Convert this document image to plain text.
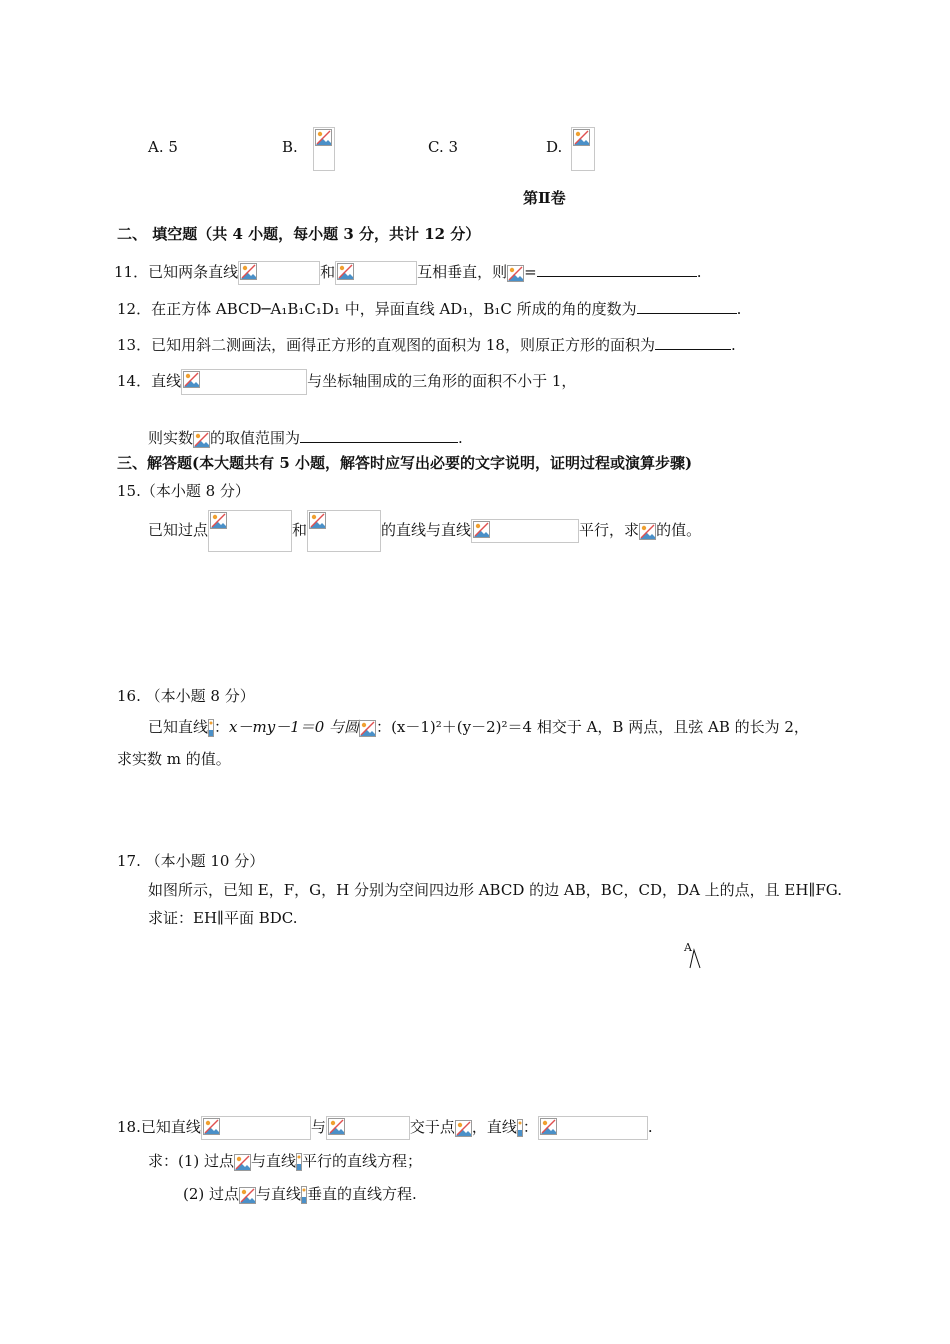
A. 5	B.	C. 3	D.
第Ⅱ卷
二、 填空题（共 4 小题，每小题 3 分，共计 12 分）
11．已知两条直线	和	互相垂直，则 =	.
12．在正方体 ABCD─A₁B₁C₁D₁ 中，异面直线 AD₁，B₁C 所成的角的度数为	.
13．已知用斜二测画法，画得正方形的直观图的面积为 18，则原正方形的面积为	.
14．直线	与坐标轴围成的三角形的面积不小于 1，
则实数 的取值范围为	.
三、解答题(本大题共有 5 小题，解答时应写出必要的文字说明，证明过程或演算步骤)
15.（本小题 8 分）
已知过点	和	的直线与直线	平行，求 的值。
16. （本小题 8 分）
已知直线 ：x－my－1＝0 与圆 ：(x－1)²＋(y－2)²＝4 相交于 A，B 两点，且弦 AB 的长为 2，
求实数 m 的值。
17. （本小题 10 分）
如图所示，已知 E，F，G，H 分别为空间四边形 ABCD 的边 AB，BC，CD，DA 上的点，且 EH∥FG.
求证：EH∥平面 BDC.
A
18.已知直线	与	交于点 ，直线 ：	.
求：(1) 过点 与直线 平行的直线方程；
(2) 过点 与直线 垂直的直线方程.
